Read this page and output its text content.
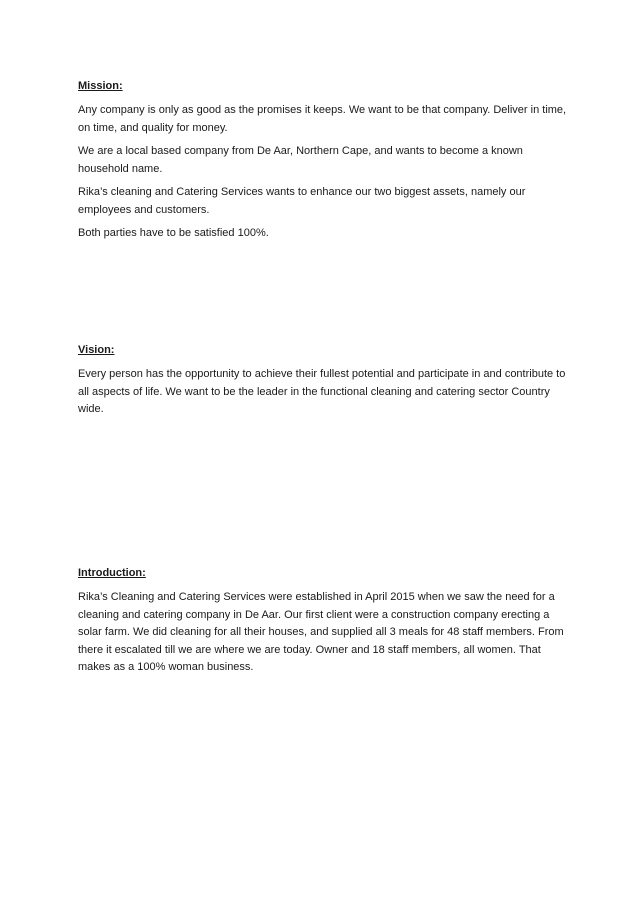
Mission:

Any company is only as good as the promises it keeps. We want to be that company. Deliver in time, on time, and quality for money.

We are a local based company from De Aar, Northern Cape, and wants to become a known household name.

Rika’s cleaning and Catering Services wants to enhance our two biggest assets, namely our employees and customers.

Both parties have to be satisfied 100%.

Vision:

Every person has the opportunity to achieve their fullest potential and participate in and contribute to all aspects of life. We want to be the leader in the functional cleaning and catering sector Country wide.

Introduction:

Rika’s Cleaning and Catering Services were established in April 2015 when we saw the need for a cleaning and catering company in De Aar. Our first client were a construction company erecting a solar farm. We did cleaning for all their houses, and supplied all 3 meals for 48 staff members. From there it escalated till we are where we are today. Owner and 18 staff members, all women. That makes as a 100% woman business.
